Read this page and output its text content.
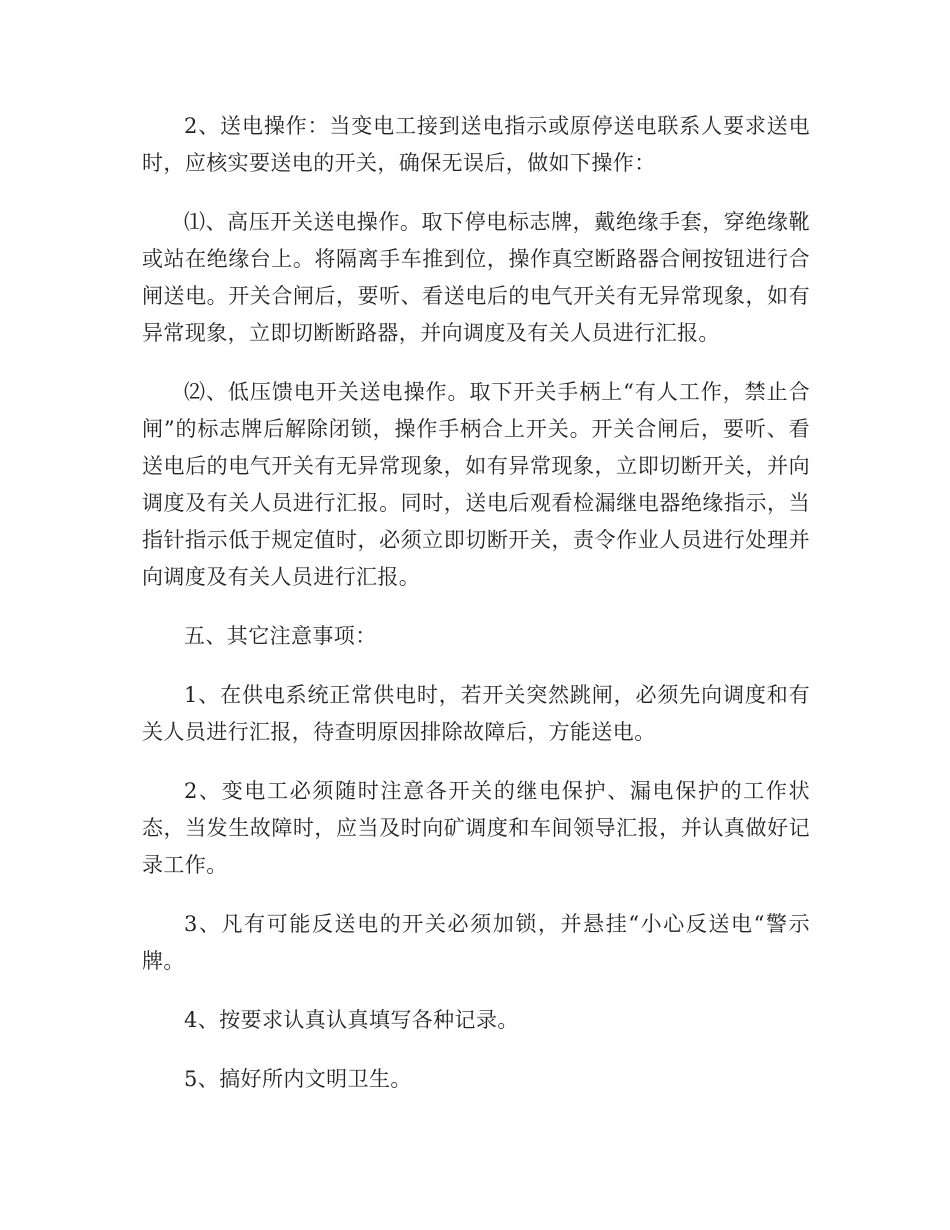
2、送电操作：当变电工接到送电指示或原停送电联系人要求送电时，应核实要送电的开关，确保无误后，做如下操作：

⑴、高压开关送电操作。取下停电标志牌，戴绝缘手套，穿绝缘靴或站在绝缘台上。将隔离手车推到位，操作真空断路器合闸按钮进行合闸送电。开关合闸后，要听、看送电后的电气开关有无异常现象，如有异常现象，立即切断断路器，并向调度及有关人员进行汇报。

⑵、低压馈电开关送电操作。取下开关手柄上“有人工作，禁止合闸”的标志牌后解除闭锁，操作手柄合上开关。开关合闸后，要听、看送电后的电气开关有无异常现象，如有异常现象，立即切断开关，并向调度及有关人员进行汇报。同时，送电后观看检漏继电器绝缘指示，当指针指示低于规定值时，必须立即切断开关，责令作业人员进行处理并向调度及有关人员进行汇报。

五、其它注意事项：

1、在供电系统正常供电时，若开关突然跳闸，必须先向调度和有关人员进行汇报，待查明原因排除故障后，方能送电。

2、变电工必须随时注意各开关的继电保护、漏电保护的工作状态，当发生故障时，应当及时向矿调度和车间领导汇报，并认真做好记录工作。

3、凡有可能反送电的开关必须加锁，并悬挂“小心反送电“警示牌。

4、按要求认真认真填写各种记录。

5、搞好所内文明卫生。
